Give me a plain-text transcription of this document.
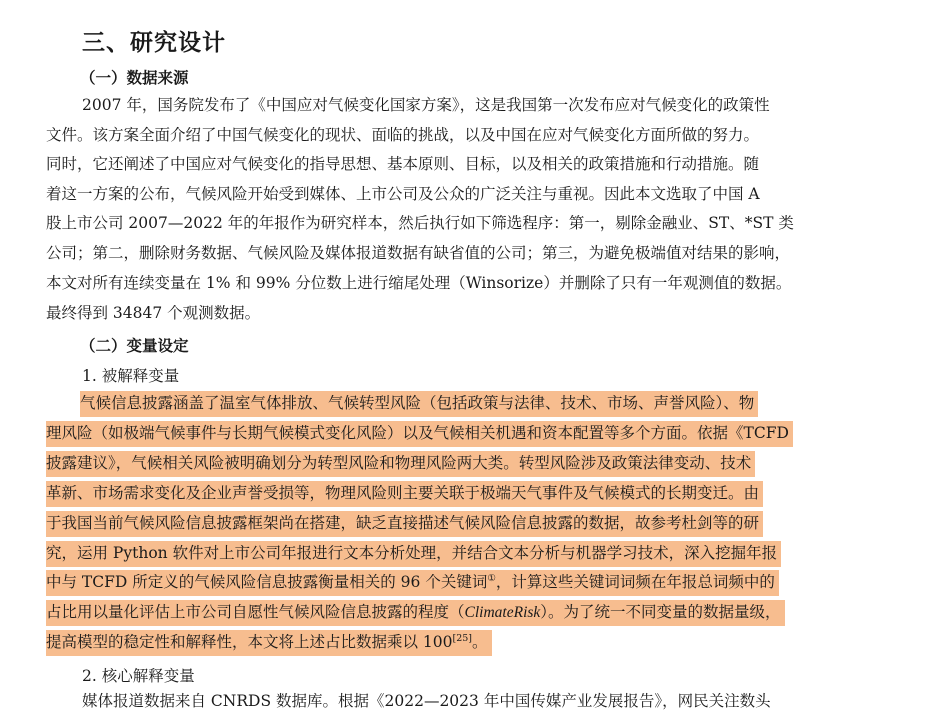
三、研究设计
（一）数据来源
2007 年，国务院发布了《中国应对气候变化国家方案》，这是我国第一次发布应对气候变化的政策性
文件。该方案全面介绍了中国气候变化的现状、面临的挑战，以及中国在应对气候变化方面所做的努力。
同时，它还阐述了中国应对气候变化的指导思想、基本原则、目标，以及相关的政策措施和行动措施。随
着这一方案的公布，气候风险开始受到媒体、上市公司及公众的广泛关注与重视。因此本文选取了中国 A
股上市公司 2007—2022 年的年报作为研究样本，然后执行如下筛选程序：第一，剔除金融业、ST、*ST 类
公司；第二，删除财务数据、气候风险及媒体报道数据有缺省值的公司；第三，为避免极端值对结果的影响，
本文对所有连续变量在 1% 和 99% 分位数上进行缩尾处理（Winsorize）并删除了只有一年观测值的数据。
最终得到 34847 个观测数据。
（二）变量设定
1. 被解释变量
气候信息披露涵盖了温室气体排放、气候转型风险（包括政策与法律、技术、市场、声誉风险）、物
理风险（如极端气候事件与长期气候模式变化风险）以及气候相关机遇和资本配置等多个方面。依据《TCFD
披露建议》，气候相关风险被明确划分为转型风险和物理风险两大类。转型风险涉及政策法律变动、技术
革新、市场需求变化及企业声誉受损等，物理风险则主要关联于极端天气事件及气候模式的长期变迁。由
于我国当前气候风险信息披露框架尚在搭建，缺乏直接描述气候风险信息披露的数据，故参考杜剑等的研
究，运用 Python 软件对上市公司年报进行文本分析处理，并结合文本分析与机器学习技术，深入挖掘年报
中与 TCFD 所定义的气候风险信息披露衡量相关的 96 个关键词①，计算这些关键词词频在年报总词频中的
占比用以量化评估上市公司自愿性气候风险信息披露的程度（ClimateRisk）。为了统一不同变量的数据量级，
提高模型的稳定性和解释性，本文将上述占比数据乘以 100[25]。
2. 核心解释变量
媒体报道数据来自 CNRDS 数据库。根据《2022—2023 年中国传媒产业发展报告》，网民关注数头
